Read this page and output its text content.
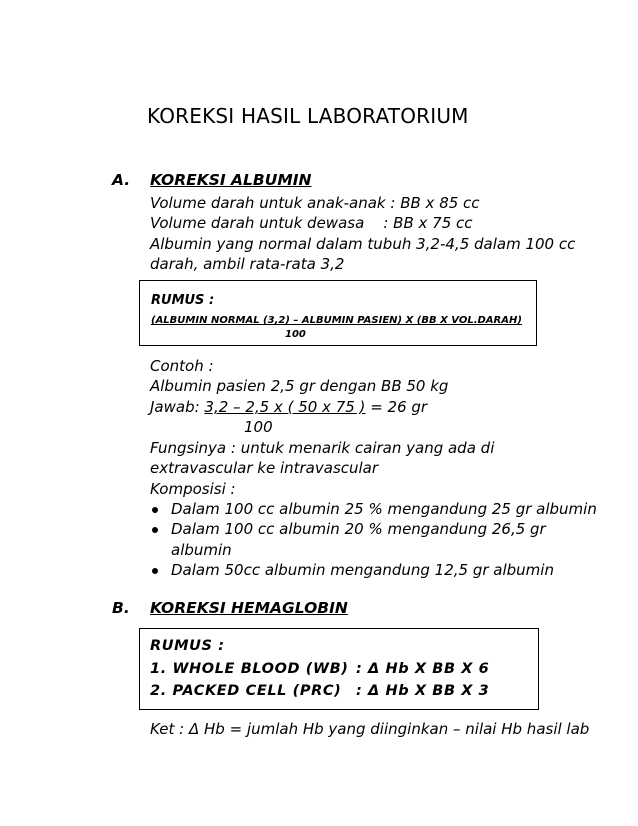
KOREKSI HASIL LABORATORIUM
A. KOREKSI ALBUMIN
Volume darah untuk anak-anak : BB x 85 cc
Volume darah untuk dewasa    : BB x 75 cc
Albumin yang normal dalam tubuh 3,2-4,5 dalam 100 cc
darah, ambil rata-rata 3,2
RUMUS :
(ALBUMIN NORMAL (3,2) – ALBUMIN PASIEN) X (BB X VOL.DARAH)
100
Contoh :
Albumin pasien 2,5 gr dengan BB 50 kg
Jawab: 3,2 – 2,5 x ( 50 x 75 ) = 26 gr
100
Fungsinya : untuk menarik cairan yang ada di
extravascular ke intravascular
Komposisi :
Dalam 100 cc albumin 25 % mengandung 25 gr albumin
Dalam 100 cc albumin 20 % mengandung 26,5 gr
albumin
Dalam 50cc albumin mengandung 12,5 gr albumin
B. KOREKSI HEMAGLOBIN
RUMUS :
1. WHOLE BLOOD (WB) : Δ Hb X BB X 6
2. PACKED CELL (PRC) : Δ Hb X BB X 3
Ket : Δ Hb = jumlah Hb yang diinginkan – nilai Hb hasil lab
